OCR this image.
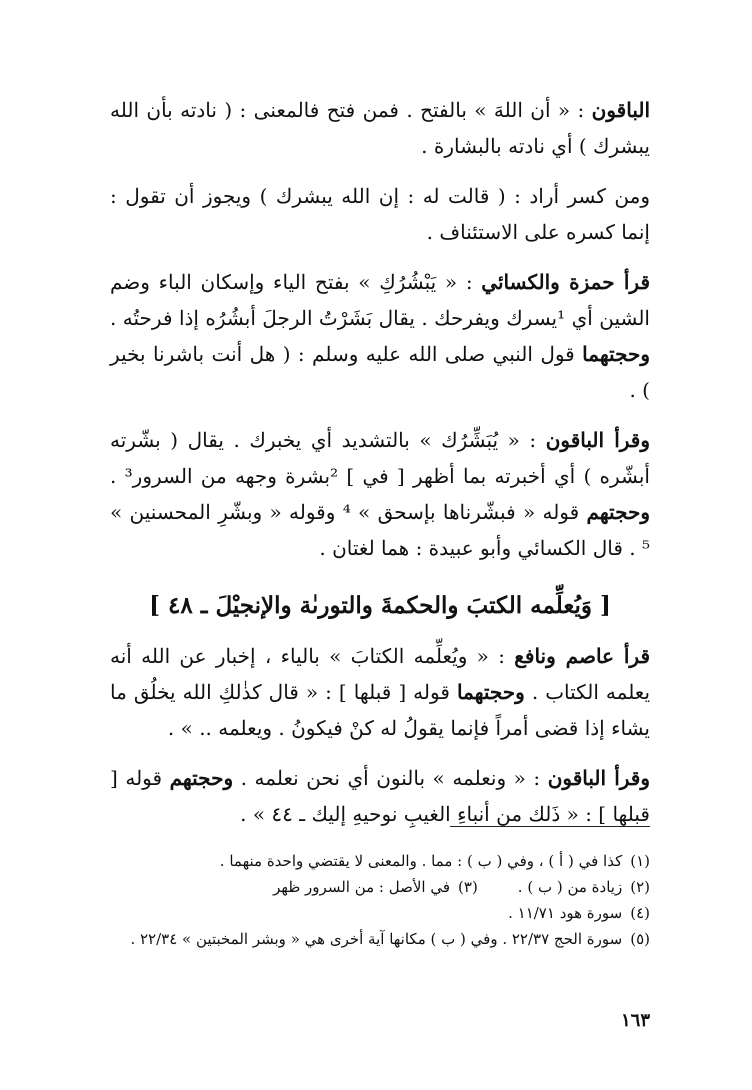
الباقون : « أن اللهَ » بالفتح . فمن فتح فالمعنى : ( نادته بأن الله يبشرك ) أي نادته بالبشارة .

ومن كسر أراد : ( قالت له : إن الله يبشرك ) ويجوز أن تقول : إنما كسره على الاستئناف .

قرأ حمزة والكسائي : « يَبْشُرُكِ » بفتح الياء وإسكان الباء وضم الشين أي ¹يسرك ويفرحك . يقال بَشَرْتُ الرجلَ أبشُرُه إذا فرحتُه . وحجتهما قول النبي صلى الله عليه وسلم : ( هل أنت باشرنا بخير ) .

وقرأ الباقون : « يُبَشِّرُك » بالتشديد أي يخبرك . يقال ( بشّرته أبشّره ) أي أخبرته بما أظهر [ في ] ²بشرة وجهه من السرور³ . وحجتهم قوله « فبشّرناها بإسحق » ⁴ وقوله « وبشّرِ المحسنين » ⁵ . قال الكسائي وأبو عبيدة : هما لغتان .

[ وَيُعلِّمه الكتبَ والحكمةَ والتورىٰة والإنجيْلَ ـ ٤٨ ]

قرأ عاصم ونافع : « ويُعلِّمه الكتابَ » بالياء ، إخبار عن الله أنه يعلمه الكتاب . وحجتهما قوله [ قبلها ] : « قال كذٰلكِ الله يخلُق ما يشاء إذا قضى أمراً فإنما يقولُ له كنْ فيكونُ . ويعلمه .. » .

وقرأ الباقون : « ونعلمه » بالنون أي نحن نعلمه . وحجتهم قوله [ قبلها ] : « ذَلك من أنباءِ الغيبِ نوحيهِ إليك ـ ٤٤ » .

(١)كذا في ( أ ) ، وفي ( ب ) : مما . والمعنى لا يقتضي واحدة منهما .

(٢)زيادة من ( ب ) .(٣)في الأصل : من السرور ظهر

(٤)سورة هود ١١/٧١ .

(٥)سورة الحج ٢٢/٣٧ . وفي ( ب ) مكانها آية أخرى هي « وبشر المخبتين » ٢٢/٣٤ .

١٦٣
